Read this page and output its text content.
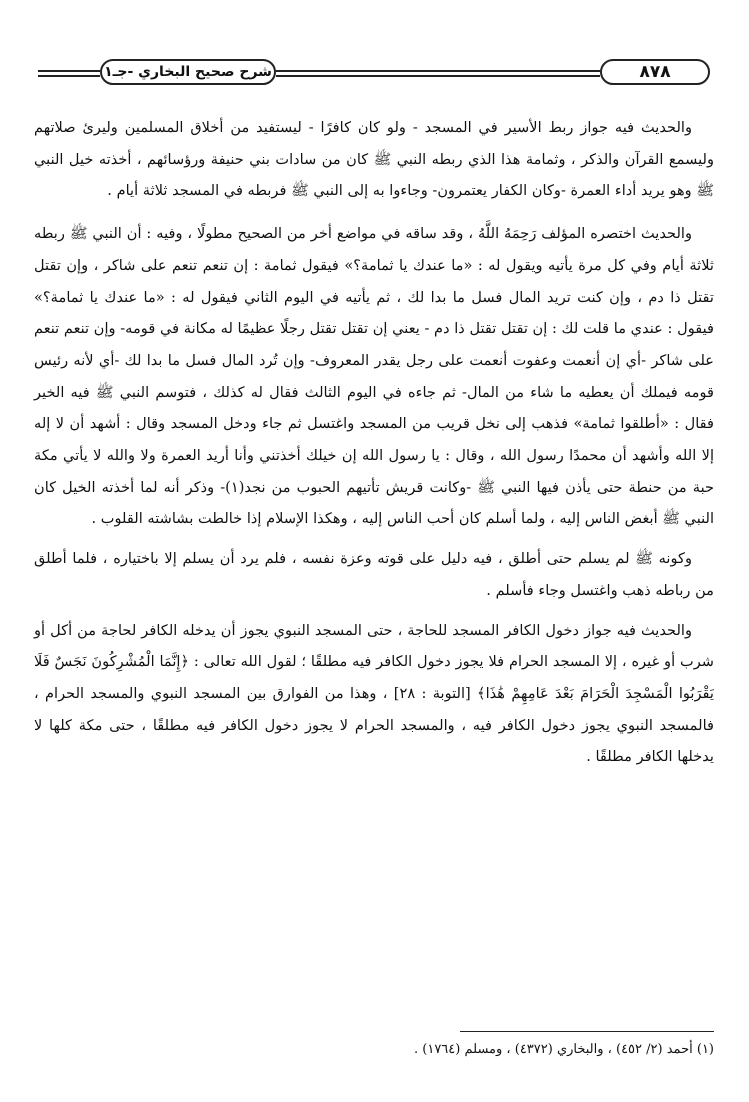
شرح صحيح البخاري -جـ١	٨٧٨

والحديث فيه جواز ربط الأسير في المسجد - ولو كان كافرًا - ليستفيد من أخلاق المسلمين وليرئ صلاتهم وليسمع القرآن والذكر ، وثمامة هذا الذي ربطه النبي ﷺ كان من سادات بني حنيفة ورؤسائهم ، أخذته خيل النبي ﷺ وهو يريد أداء العمرة -وكان الكفار يعتمرون- وجاءوا به إلى النبي ﷺ فربطه في المسجد ثلاثة أيام .

والحديث اختصره المؤلف رَحِمَهُ اللَّهُ ، وقد ساقه في مواضع أخر من الصحيح مطولًا ، وفيه : أن النبي ﷺ ربطه ثلاثة أيام وفي كل مرة يأتيه ويقول له : «ما عندك يا ثمامة؟» فيقول ثمامة : إن تنعم تنعم على شاكر ، وإن تقتل تقتل ذا دم ، وإن كنت تريد المال فسل ما بدا لك ، ثم يأتيه في اليوم الثاني فيقول له : «ما عندك يا ثمامة؟» فيقول : عندي ما قلت لك : إن تقتل تقتل ذا دم - يعني إن تقتل تقتل رجلًا عظيمًا له مكانة في قومه- وإن تنعم تنعم على شاكر -أي إن أنعمت وعفوت أنعمت على رجل يقدر المعروف- وإن تُرد المال فسل ما بدا لك -أي لأنه رئيس قومه فيملك أن يعطيه ما شاء من المال- ثم جاءه في اليوم الثالث فقال له كذلك ، فتوسم النبي ﷺ فيه الخير فقال : «أطلقوا ثمامة» فذهب إلى نخل قريب من المسجد واغتسل ثم جاء ودخل المسجد وقال : أشهد أن لا إله إلا الله وأشهد أن محمدًا رسول الله ، وقال : يا رسول الله إن خيلك أخذتني وأنا أريد العمرة ولا والله لا يأتي مكة حبة من حنطة حتى يأذن فيها النبي ﷺ -وكانت قريش تأتيهم الحبوب من نجد(١)- وذكر أنه لما أخذته الخيل كان النبي ﷺ أبغض الناس إليه ، ولما أسلم كان أحب الناس إليه ، وهكذا الإسلام إذا خالطت بشاشته القلوب .

وكونه ﷺ لم يسلم حتى أطلق ، فيه دليل على قوته وعزة نفسه ، فلم يرد أن يسلم إلا باختياره ، فلما أطلق من رباطه ذهب واغتسل وجاء فأسلم .

والحديث فيه جواز دخول الكافر المسجد للحاجة ، حتى المسجد النبوي يجوز أن يدخله الكافر لحاجة من أكل أو شرب أو غيره ، إلا المسجد الحرام فلا يجوز دخول الكافر فيه مطلقًا ؛ لقول الله تعالى : ﴿إِنَّمَا الْمُشْرِكُونَ نَجَسٌ فَلَا يَقْرَبُوا الْمَسْجِدَ الْحَرَامَ بَعْدَ عَامِهِمْ هَٰذَا﴾ [التوبة : ٢٨] ، وهذا من الفوارق بين المسجد النبوي والمسجد الحرام ، فالمسجد النبوي يجوز دخول الكافر فيه ، والمسجد الحرام لا يجوز دخول الكافر فيه مطلقًا ، حتى مكة كلها لا يدخلها الكافر مطلقًا .

(١) أحمد (٢/ ٤٥٢) ، والبخاري (٤٣٧٢) ، ومسلم (١٧٦٤) .
